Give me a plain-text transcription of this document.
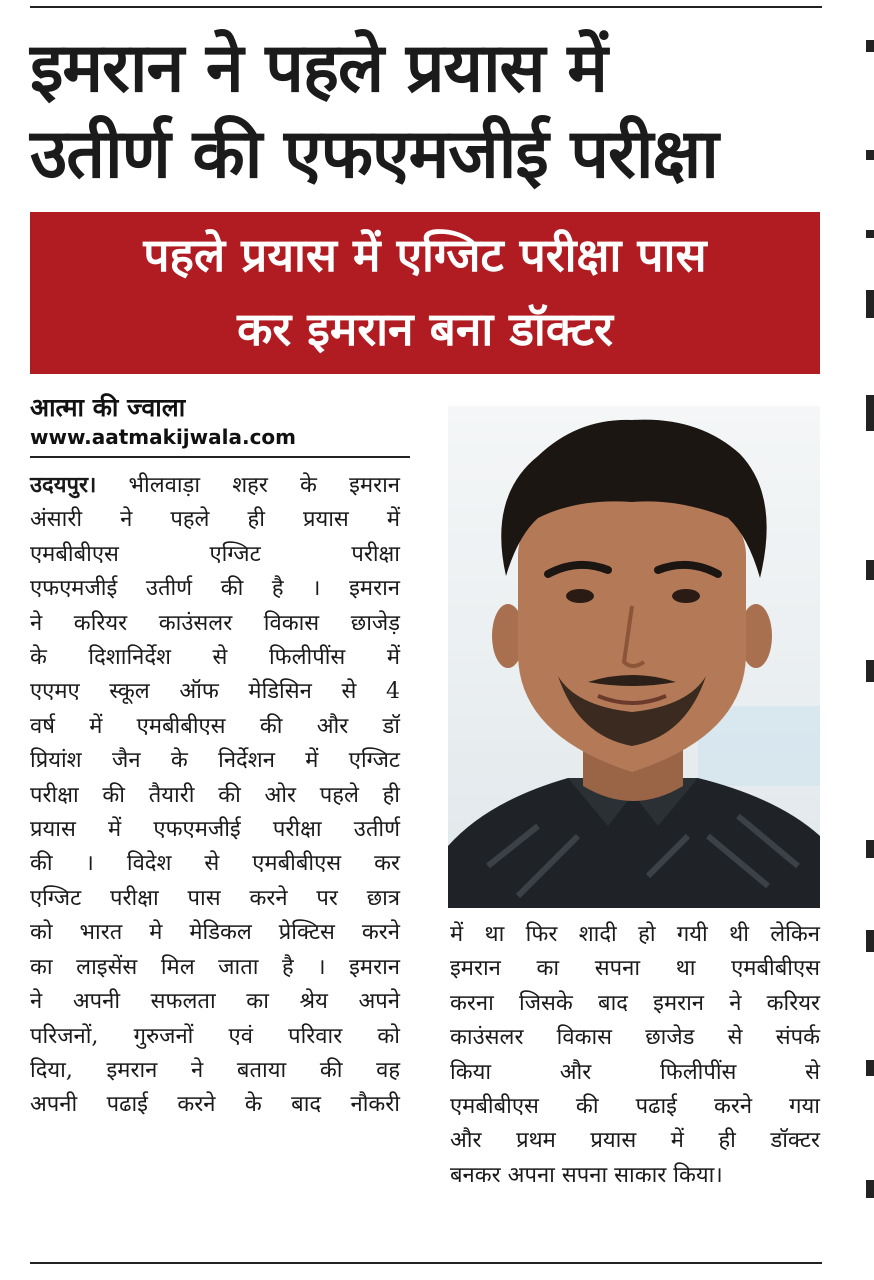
इमरान ने पहले प्रयास में
उतीर्ण की एफएमजीई परीक्षा
पहले प्रयास में एग्जिट परीक्षा पास
कर इमरान बना डॉक्टर
आत्मा की ज्वाला
www.aatmakijwala.com
उदयपुर। भीलवाड़ा शहर के इमरान
अंसारी ने पहले ही प्रयास में
एमबीबीएस एग्जिट परीक्षा
एफएमजीई उतीर्ण की है । इमरान
ने करियर काउंसलर विकास छाजेड़
के दिशानिर्देश से फिलीपींस में
एएमए स्कूल ऑफ मेडिसिन से 4
वर्ष में एमबीबीएस की और डॉ
प्रियांश जैन के निर्देशन में एग्जिट
परीक्षा की तैयारी की ओर पहले ही
प्रयास में एफएमजीई परीक्षा उतीर्ण
की । विदेश से एमबीबीएस कर
एग्जिट परीक्षा पास करने पर छात्र
को भारत मे मेडिकल प्रेक्टिस करने
का लाइसेंस मिल जाता है । इमरान
ने अपनी सफलता का श्रेय अपने
परिजनों, गुरुजनों एवं परिवार को
दिया, इमरान ने बताया की वह
अपनी पढाई करने के बाद नौकरी
में था फिर शादी हो गयी थी लेकिन
इमरान का सपना था एमबीबीएस
करना जिसके बाद इमरान ने करियर
काउंसलर विकास छाजेड से संपर्क
किया और फिलीपींस से
एमबीबीएस की पढाई करने गया
और प्रथम प्रयास में ही डॉक्टर
बनकर अपना सपना साकार किया।
